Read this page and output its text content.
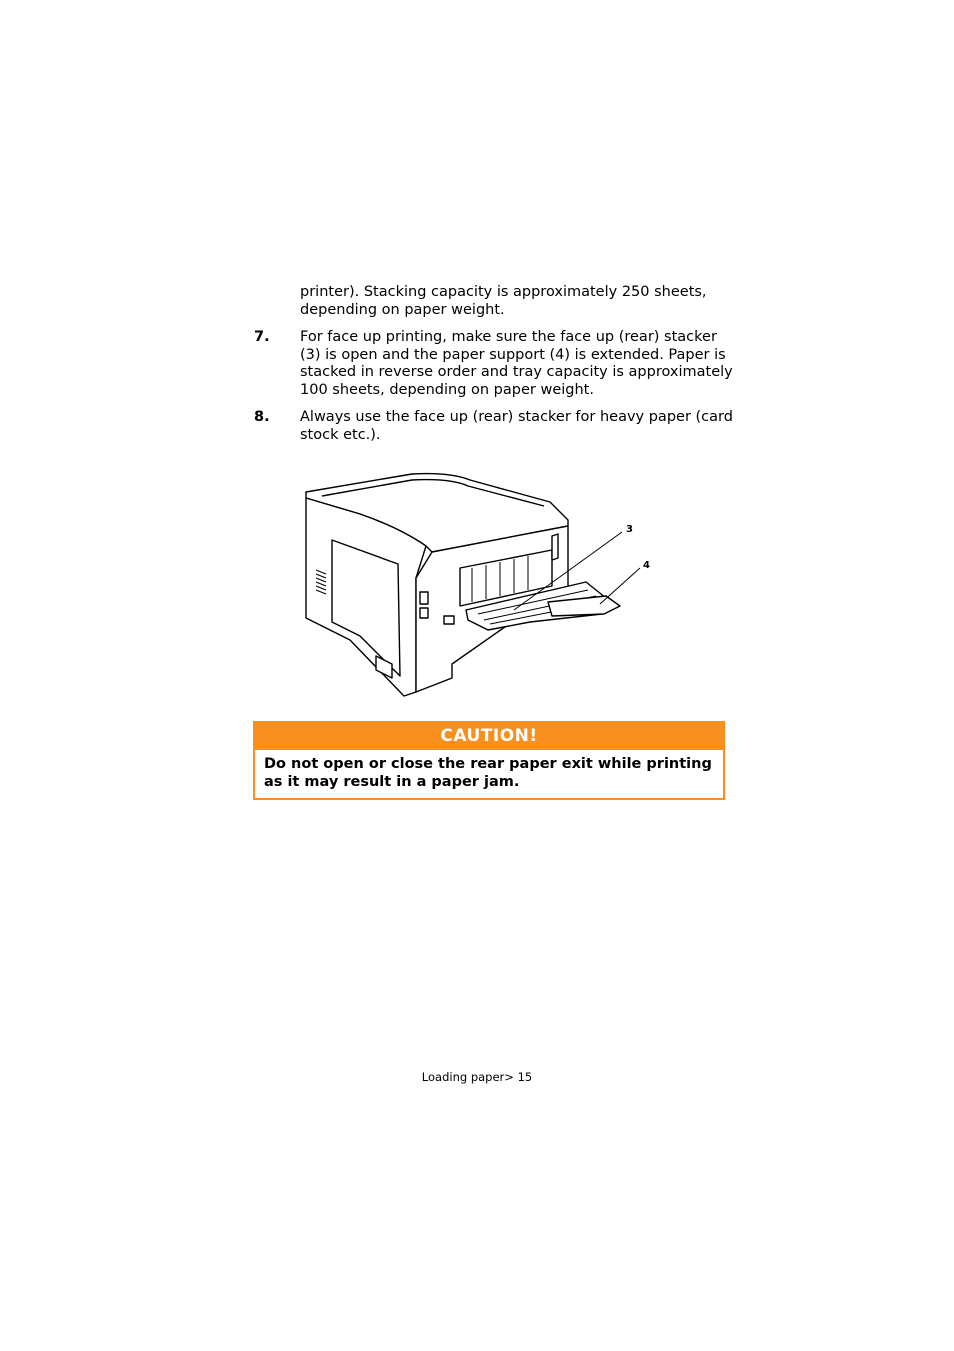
printer). Stacking capacity is approximately 250 sheets, depending on paper weight.

7. For face up printing, make sure the face up (rear) stacker (3) is open and the paper support (4) is extended. Paper is stacked in reverse order and tray capacity is approximately 100 sheets, depending on paper weight.

8. Always use the face up (rear) stacker for heavy paper (card stock etc.).

3
4
CAUTION!
Do not open or close the rear paper exit while printing as it may result in a paper jam.
Loading paper> 15
